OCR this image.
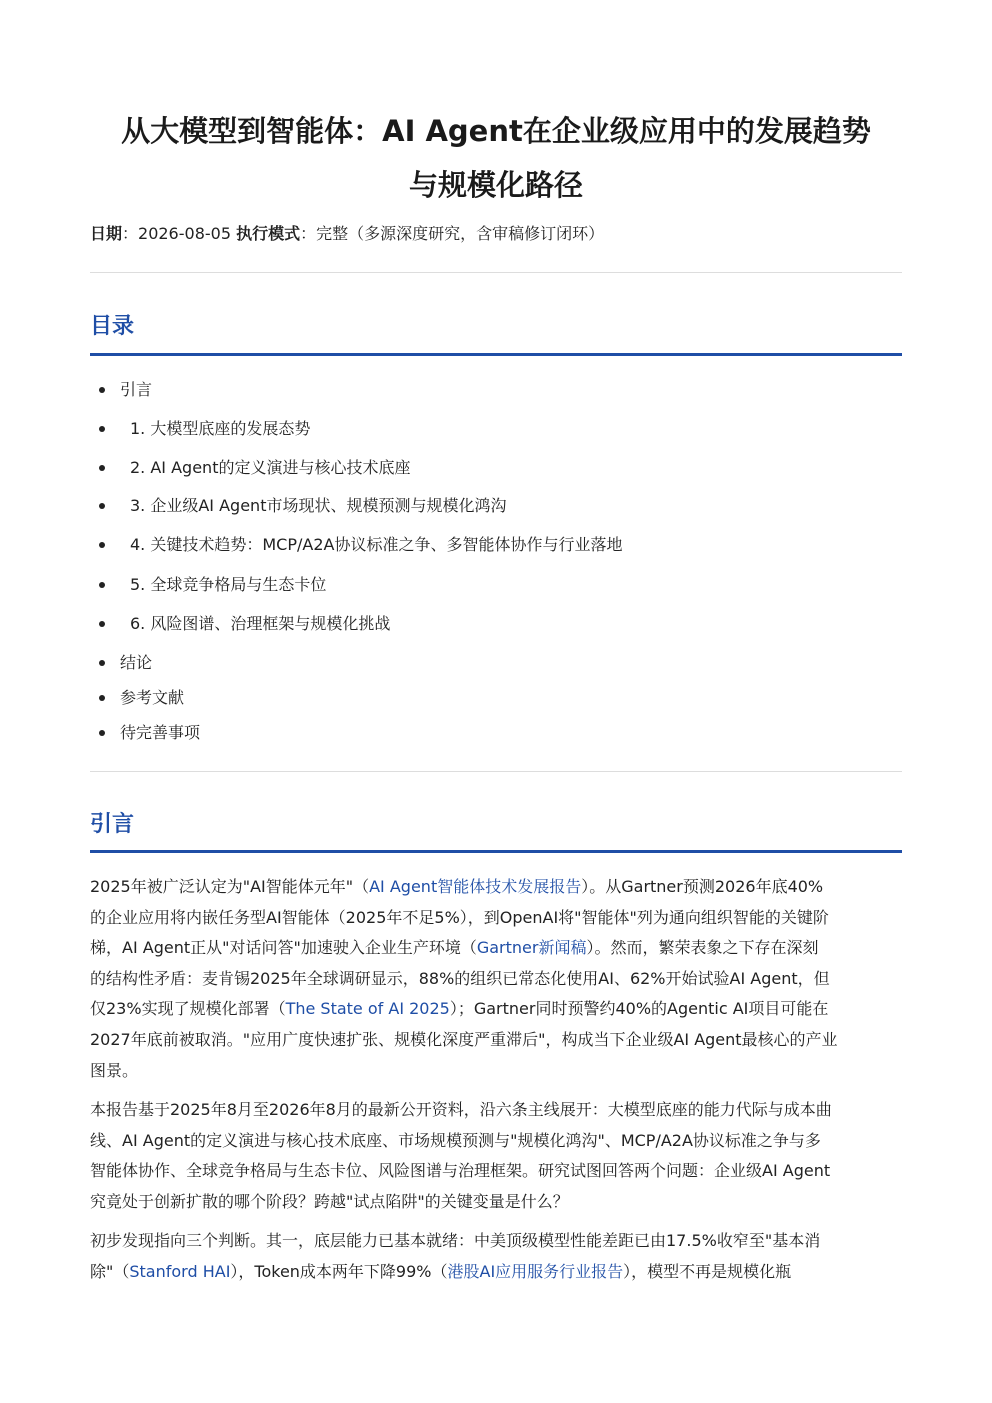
从大模型到智能体：AI Agent在企业级应用中的发展趋势
与规模化路径
日期：2026-08-05 执行模式：完整（多源深度研究，含审稿修订闭环）
目录
引言
1. 大模型底座的发展态势
2. AI Agent的定义演进与核心技术底座
3. 企业级AI Agent市场现状、规模预测与规模化鸿沟
4. 关键技术趋势：MCP/A2A协议标准之争、多智能体协作与行业落地
5. 全球竞争格局与生态卡位
6. 风险图谱、治理框架与规模化挑战
结论
参考文献
待完善事项
引言

2025年被广泛认定为"AI智能体元年"（AI Agent智能体技术发展报告）。从Gartner预测2026年底40%
的企业应用将内嵌任务型AI智能体（2025年不足5%），到OpenAI将"智能体"列为通向组织智能的关键阶
梯，AI Agent正从"对话问答"加速驶入企业生产环境（Gartner新闻稿）。然而，繁荣表象之下存在深刻
的结构性矛盾：麦肯锡2025年全球调研显示，88%的组织已常态化使用AI、62%开始试验AI Agent，但
仅23%实现了规模化部署（The State of AI 2025）；Gartner同时预警约40%的Agentic AI项目可能在
2027年底前被取消。"应用广度快速扩张、规模化深度严重滞后"，构成当下企业级AI Agent最核心的产业
图景。

本报告基于2025年8月至2026年8月的最新公开资料，沿六条主线展开：大模型底座的能力代际与成本曲
线、AI Agent的定义演进与核心技术底座、市场规模预测与"规模化鸿沟"、MCP/A2A协议标准之争与多
智能体协作、全球竞争格局与生态卡位、风险图谱与治理框架。研究试图回答两个问题：企业级AI Agent
究竟处于创新扩散的哪个阶段？跨越"试点陷阱"的关键变量是什么？

初步发现指向三个判断。其一，底层能力已基本就绪：中美顶级模型性能差距已由17.5%收窄至"基本消
除"（Stanford HAI），Token成本两年下降99%（港股AI应用服务行业报告），模型不再是规模化瓶
